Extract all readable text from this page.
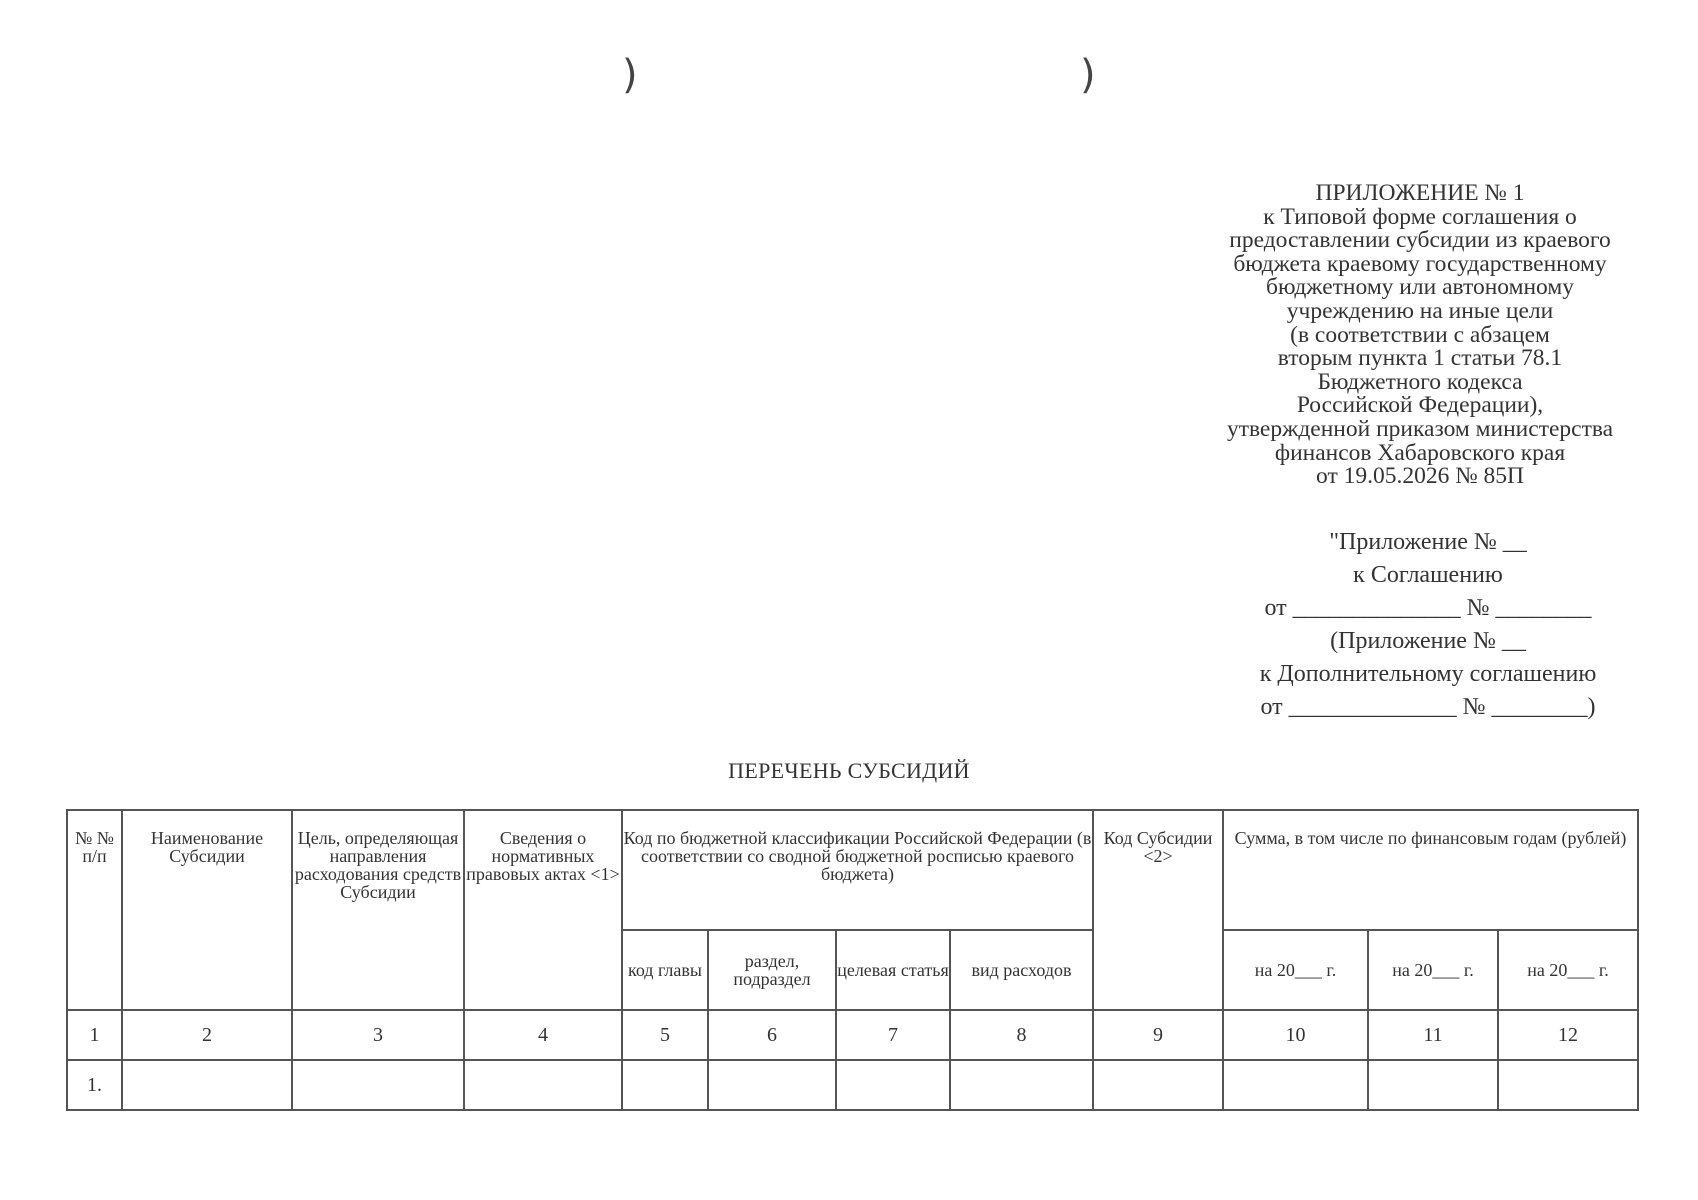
)	)
ПРИЛОЖЕНИЕ № 1
к Типовой форме соглашения о
предоставлении субсидии из краевого
бюджета краевому государственному
бюджетному или автономному
учреждению на иные цели
(в соответствии с абзацем
вторым пункта 1 статьи 78.1
Бюджетного кодекса
Российской Федерации),
утвержденной приказом министерства
финансов Хабаровского края
от 19.05.2026 № 85П
"Приложение № __
к Соглашению
от ______________ № ________
(Приложение № __
к Дополнительному соглашению
от ______________ № ________)
ПЕРЕЧЕНЬ СУБСИДИЙ
№ № п/п	Наименование Субсидии	Цель, определяющая направления расходования средств Субсидии	Сведения о нормативных правовых актах <1>	Код по бюджетной классификации Российской Федерации (в соответствии со сводной бюджетной росписью краевого бюджета)				Код Субсидии <2>	Сумма, в том числе по финансовым годам (рублей)		
				код главы	раздел, подраздел	целевая статья	вид расходов		на 20___ г.	на 20___ г.	на 20___ г.
1	2	3	4	5	6	7	8	9	10	11	12
1.											
